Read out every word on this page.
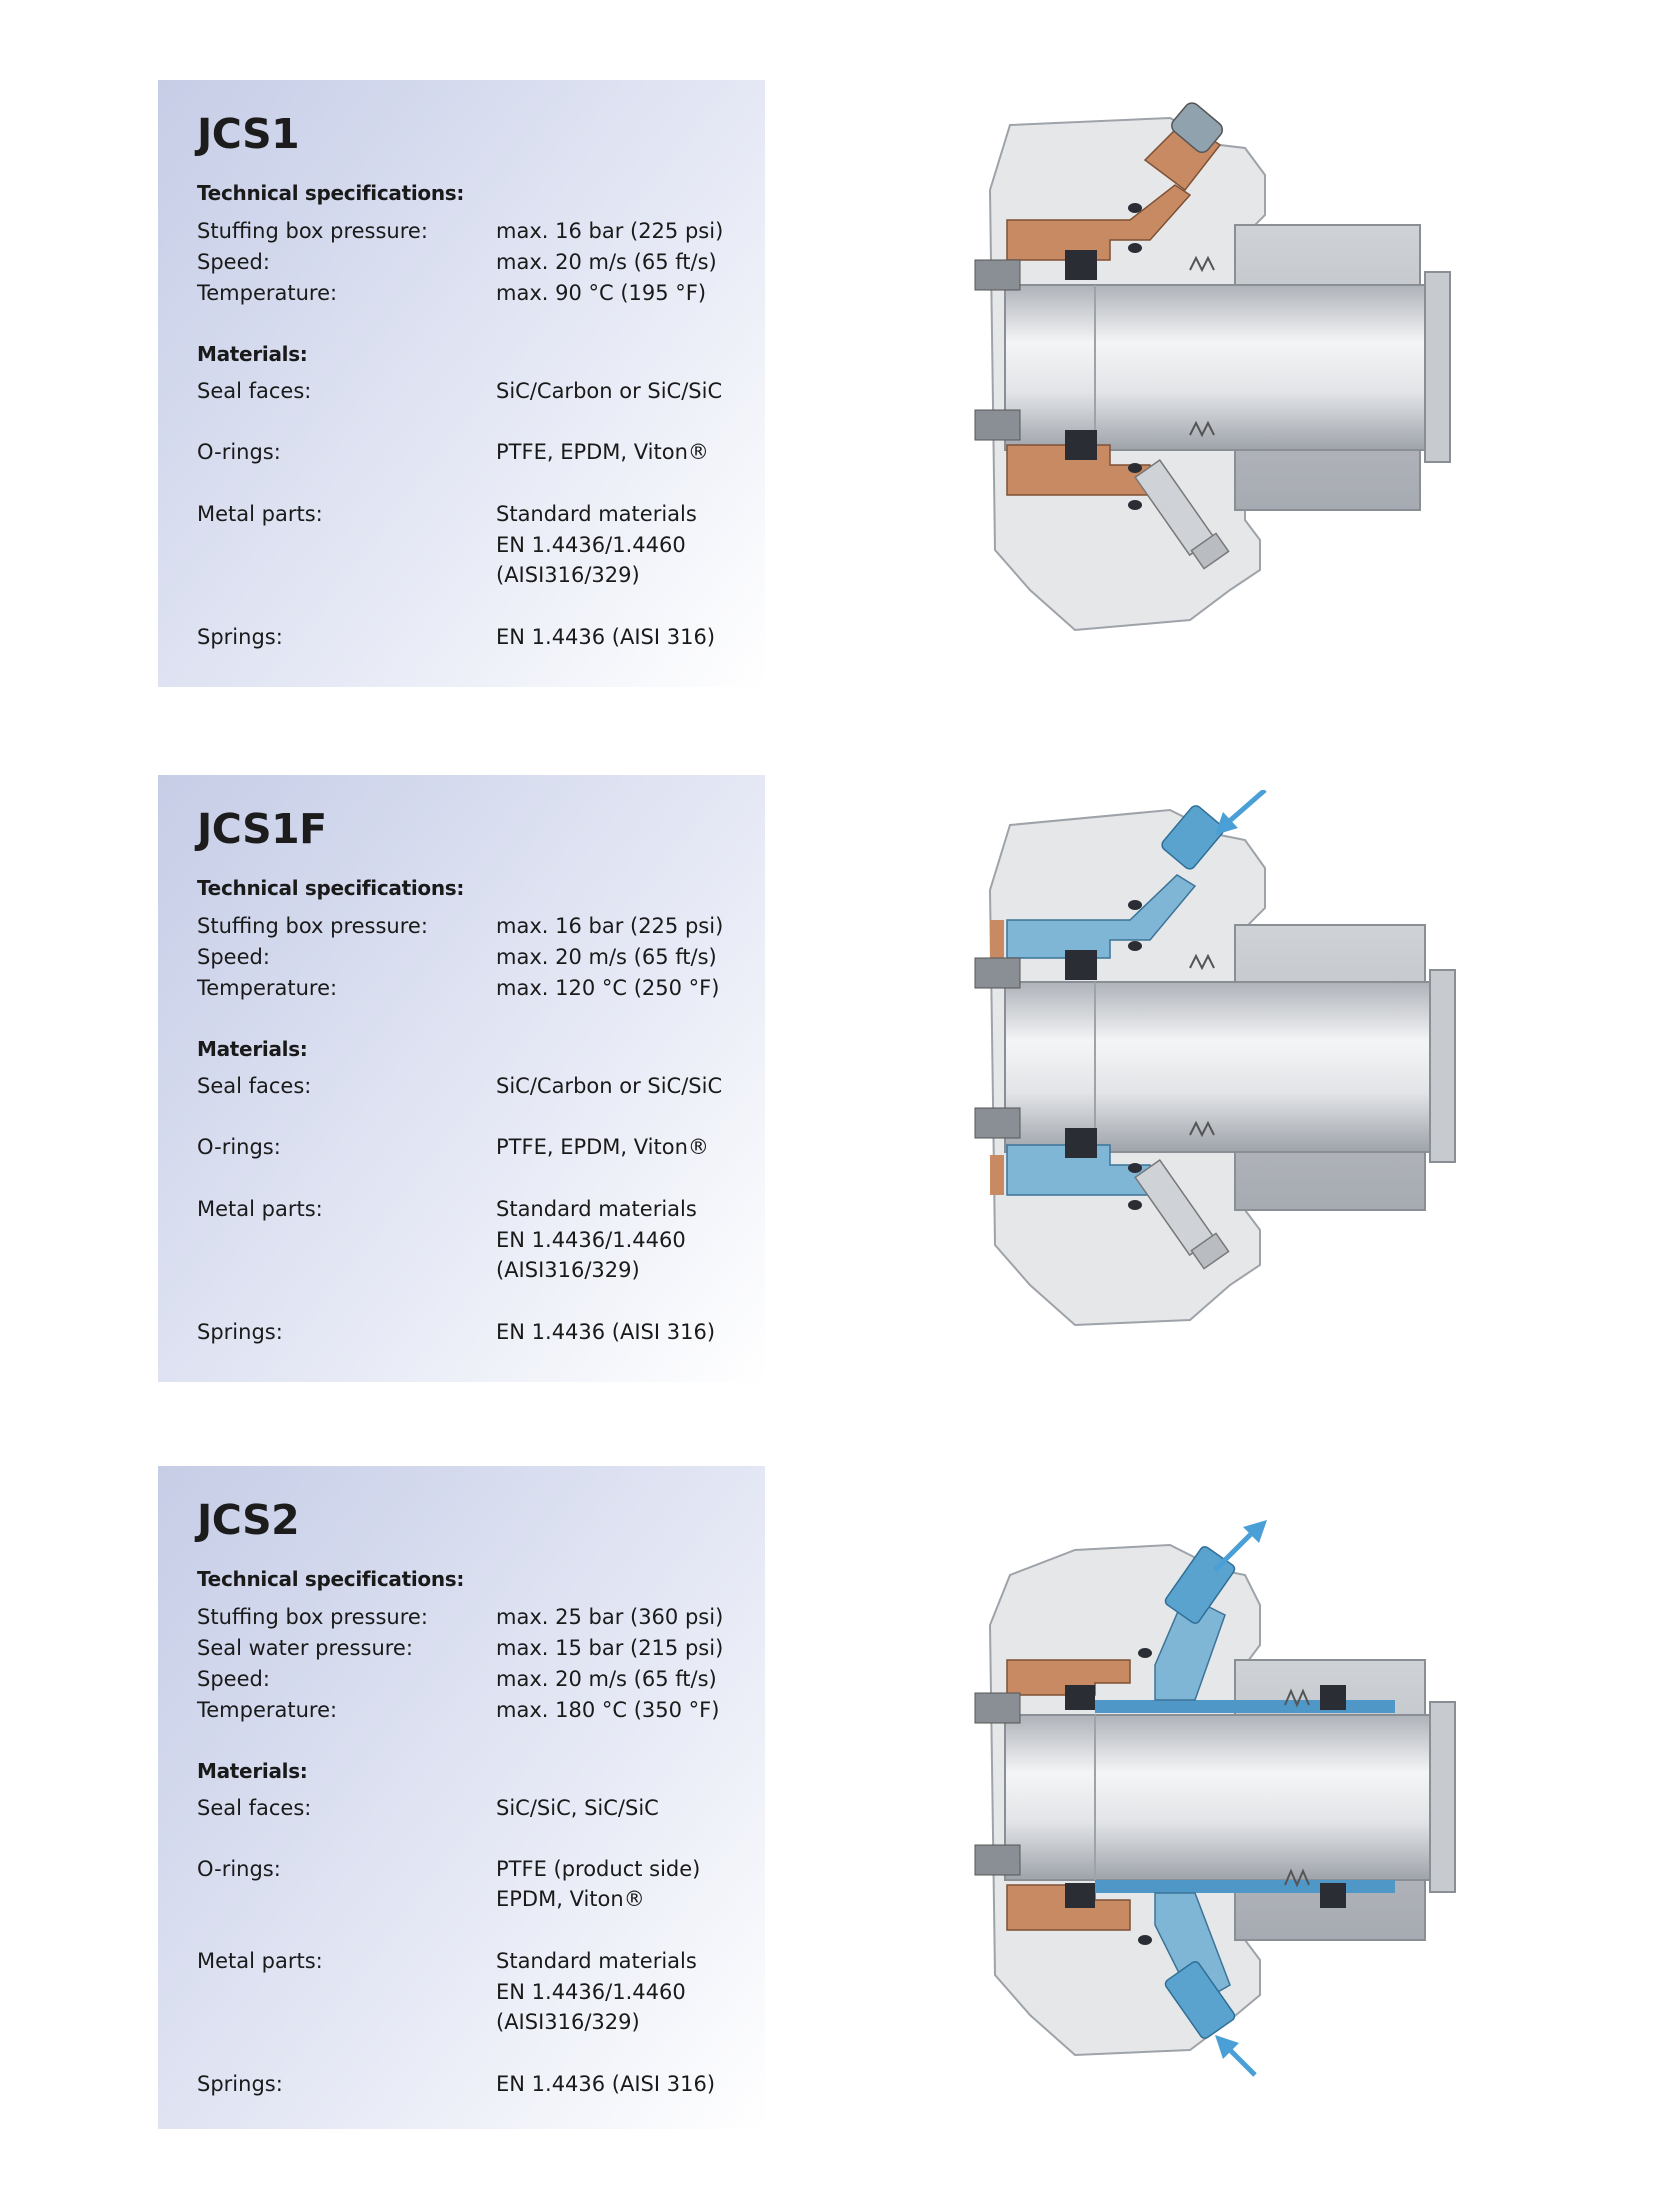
JCS1
Technical specifications:
Stuffing box pressure:	max. 16 bar (225 psi)
Speed:	max. 20 m/s (65 ft/s)
Temperature:	max. 90 °C (195 °F)
Materials:
Seal faces:	SiC/Carbon or SiC/SiC
O-rings:	PTFE, EPDM, Viton®
Metal parts:	Standard materials
EN 1.4436/1.4460
(AISI316/329)
Springs:	EN 1.4436 (AISI 316)
JCS1F
Technical specifications:
Stuffing box pressure:	max. 16 bar (225 psi)
Speed:	max. 20 m/s (65 ft/s)
Temperature:	max. 120 °C (250 °F)
Materials:
Seal faces:	SiC/Carbon or SiC/SiC
O-rings:	PTFE, EPDM, Viton®
Metal parts:	Standard materials
EN 1.4436/1.4460
(AISI316/329)
Springs:	EN 1.4436 (AISI 316)
JCS2
Technical specifications:
Stuffing box pressure:	max. 25 bar (360 psi)
Seal water pressure:	max. 15 bar (215 psi)
Speed:	max. 20 m/s (65 ft/s)
Temperature:	max. 180 °C (350 °F)
Materials:
Seal faces:	SiC/SiC, SiC/SiC
O-rings:	PTFE (product side)
EPDM, Viton®
Metal parts:	Standard materials
EN 1.4436/1.4460
(AISI316/329)
Springs:	EN 1.4436 (AISI 316)
